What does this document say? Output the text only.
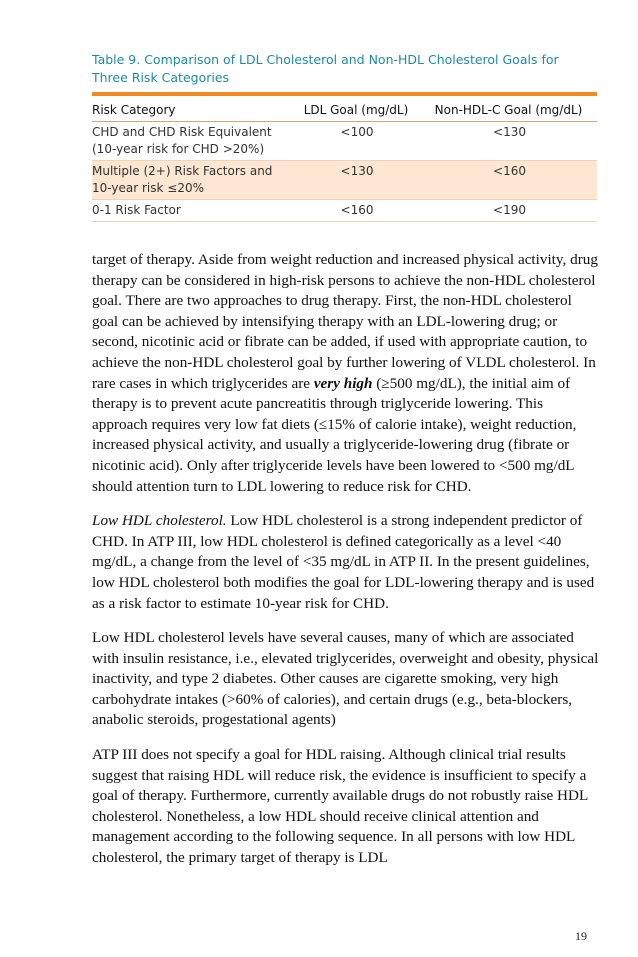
Table 9. Comparison of LDL Cholesterol and Non-HDL Cholesterol Goals for
Three Risk Categories
Risk Category	LDL Goal (mg/dL)	Non-HDL-C Goal (mg/dL)

CHD and CHD Risk Equivalent
(10-year risk for CHD >20%)	<100	<130

Multiple (2+) Risk Factors and
10-year risk ≤20%	<130	<160

0-1 Risk Factor	<160	<190

target of therapy. Aside from weight reduction and increased physical activity, drug therapy can be considered in high-risk persons to achieve the non-HDL cholesterol goal. There are two approaches to drug therapy. First, the non-HDL cholesterol goal can be achieved by intensifying therapy with an LDL-lowering drug; or second, nicotinic acid or fibrate can be added, if used with appropriate caution, to achieve the non-HDL cholesterol goal by further lowering of VLDL cholesterol. In rare cases in which triglycerides are very high (≥500 mg/dL), the initial aim of therapy is to prevent acute pancreatitis through triglyceride lowering. This approach requires very low fat diets (≤15% of calorie intake), weight reduction, increased physical activity, and usually a triglyceride-lowering drug (fibrate or nicotinic acid). Only after triglyceride levels have been lowered to <500 mg/dL should attention turn to LDL lowering to reduce risk for CHD.

Low HDL cholesterol. Low HDL cholesterol is a strong independent predictor of CHD. In ATP III, low HDL cholesterol is defined categorically as a level <40 mg/dL, a change from the level of <35 mg/dL in ATP II. In the present guidelines, low HDL cholesterol both modifies the goal for LDL-lowering therapy and is used as a risk factor to estimate 10-year risk for CHD.

Low HDL cholesterol levels have several causes, many of which are associated with insulin resistance, i.e., elevated triglycerides, overweight and obesity, physical inactivity, and type 2 diabetes. Other causes are cigarette smoking, very high carbohydrate intakes (>60% of calories), and certain drugs (e.g., beta-blockers, anabolic steroids, progestational agents)

ATP III does not specify a goal for HDL raising. Although clinical trial results suggest that raising HDL will reduce risk, the evidence is insufficient to specify a goal of therapy. Furthermore, currently available drugs do not robustly raise HDL cholesterol. Nonetheless, a low HDL should receive clinical attention and management according to the following sequence. In all persons with low HDL cholesterol, the primary target of therapy is LDL

19
